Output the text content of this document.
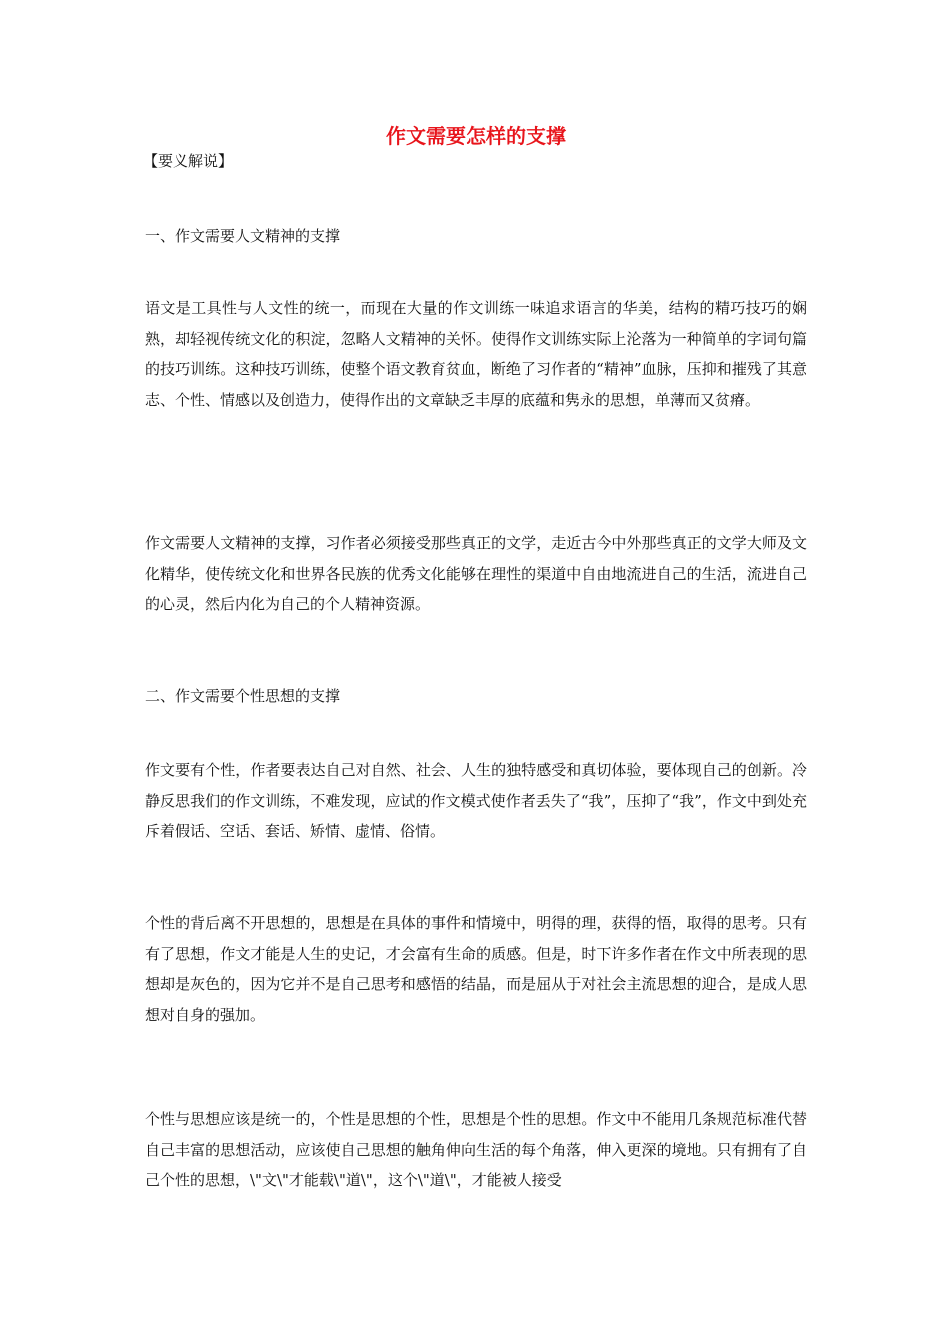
作文需要怎样的支撑

【要义解说】

一、作文需要人文精神的支撑

语文是工具性与人文性的统一，而现在大量的作文训练一味追求语言的华美，结构的精巧技巧的娴熟，却轻视传统文化的积淀，忽略人文精神的关怀。使得作文训练实际上沦落为一种简单的字词句篇的技巧训练。这种技巧训练，使整个语文教育贫血，断绝了习作者的“精神”血脉，压抑和摧残了其意志、个性、情感以及创造力，使得作出的文章缺乏丰厚的底蕴和隽永的思想，单薄而又贫瘠。

作文需要人文精神的支撑，习作者必须接受那些真正的文学，走近古今中外那些真正的文学大师及文化精华，使传统文化和世界各民族的优秀文化能够在理性的渠道中自由地流进自己的生活，流进自己的心灵，然后内化为自己的个人精神资源。

二、作文需要个性思想的支撑

作文要有个性，作者要表达自己对自然、社会、人生的独特感受和真切体验，要体现自己的创新。冷静反思我们的作文训练，不难发现，应试的作文模式使作者丢失了“我”，压抑了“我”，作文中到处充斥着假话、空话、套话、矫情、虚情、俗情。

个性的背后离不开思想的，思想是在具体的事件和情境中，明得的理，获得的悟，取得的思考。只有有了思想，作文才能是人生的史记，才会富有生命的质感。但是，时下许多作者在作文中所表现的思想却是灰色的，因为它并不是自己思考和感悟的结晶，而是屈从于对社会主流思想的迎合，是成人思想对自身的强加。

个性与思想应该是统一的，个性是思想的个性，思想是个性的思想。作文中不能用几条规范标准代替自己丰富的思想活动，应该使自己思想的触角伸向生活的每个角落，伸入更深的境地。只有拥有了自己个性的思想，\"文\"才能载\"道\"，这个\"道\"，才能被人接受
